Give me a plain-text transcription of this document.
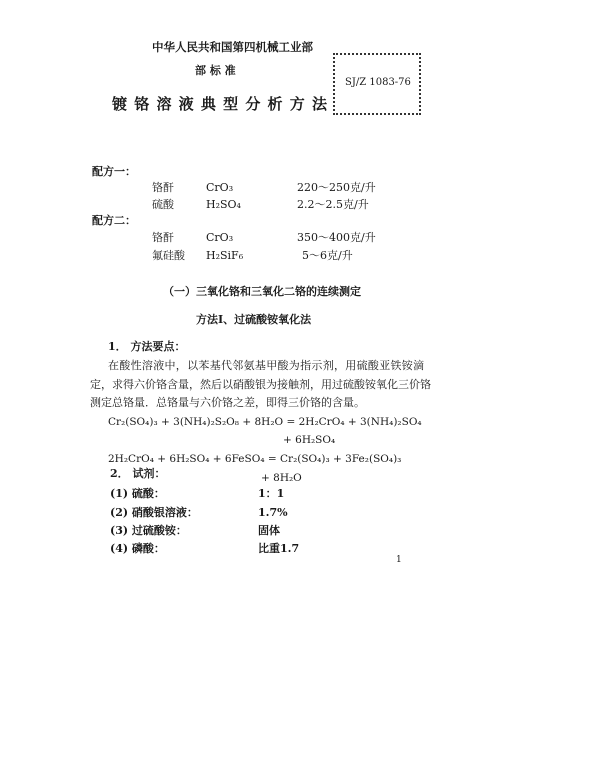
中华人民共和国第四机械工业部
部 标 准
镀 铬 溶 液 典 型 分 析 方 法
SJ/Z 1083-76
配方一：
铬酐	CrO₃	220～250克/升
硫酸	H₂SO₄	2.2～2.5克/升
配方二：
铬酐	CrO₃	350～400克/升
氟硅酸 H₂SiF₆	5～6克/升
（一）三氧化铬和三氧化二铬的连续测定
方法Ⅰ、过硫酸铵氧化法
1． 方法要点：
在酸性溶液中，以苯基代邻氨基甲酸为指示剂，用硫酸亚铁铵滴
定，求得六价铬含量，然后以硝酸银为接触剂，用过硫酸铵氧化三价铬
测定总铬量．总铬量与六价铬之差，即得三价铬的含量。
Cr₂(SO₄)₃ + 3(NH₄)₂S₂O₈ + 8H₂O = 2H₂CrO₄ + 3(NH₄)₂SO₄
+ 6H₂SO₄
2H₂CrO₄ + 6H₂SO₄ + 6FeSO₄ = Cr₂(SO₄)₃ + 3Fe₂(SO₄)₃
+ 8H₂O
2． 试剂：
(1) 硫酸：	1：1
(2) 硝酸银溶液：	1.7%
(3) 过硫酸铵：	固体
(4) 磷酸：	比重1.7
1
